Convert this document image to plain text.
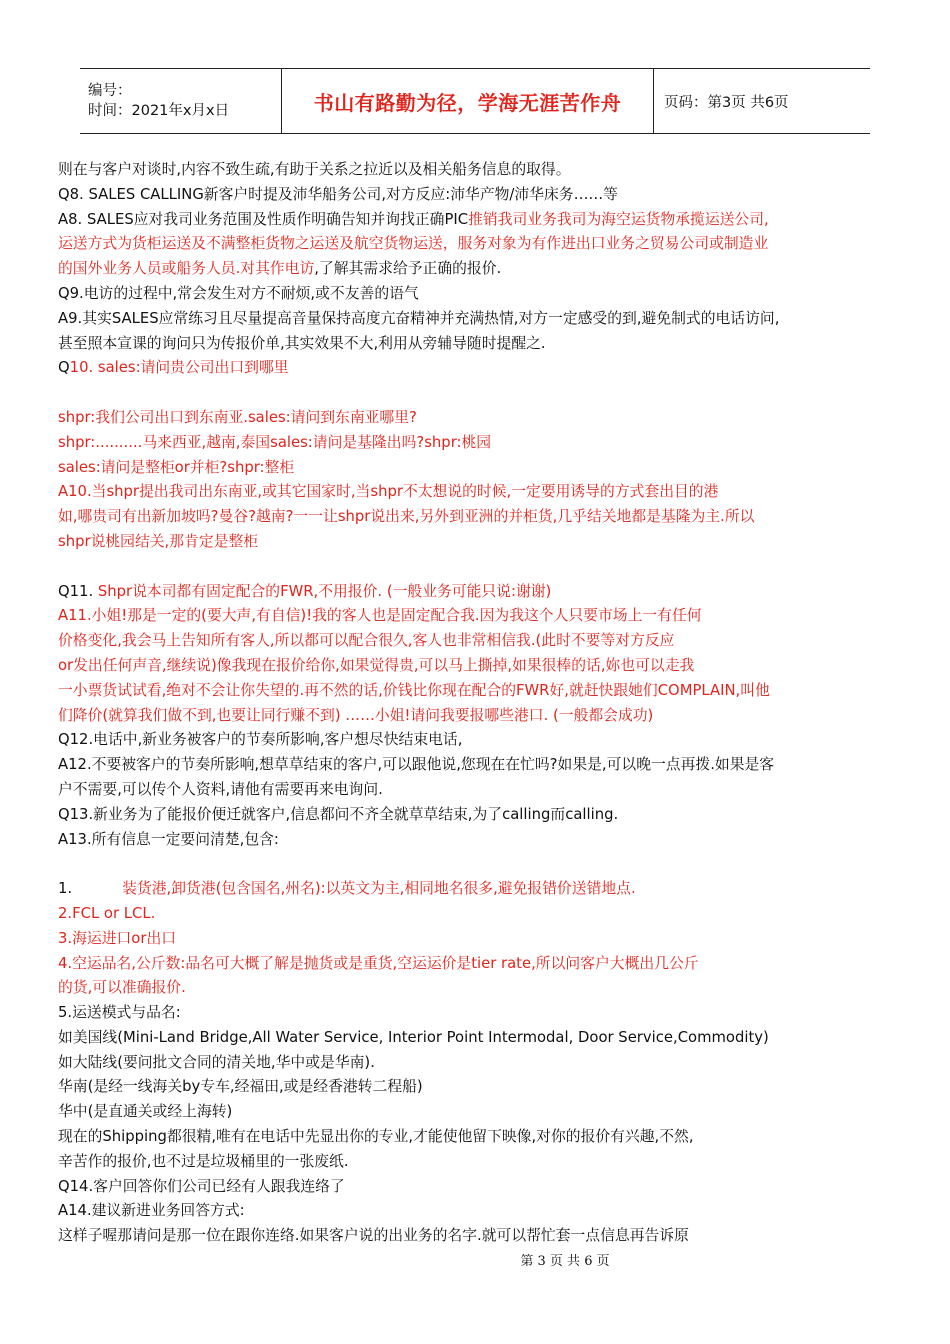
编号：
时间：2021年x月x日	书山有路勤为径，学海无涯苦作舟	页码：第3页 共6页
则在与客户对谈时,内容不致生疏,有助于关系之拉近以及相关船务信息的取得。
Q8. SALES CALLING新客户时提及沛华船务公司,对方反应:沛华产物/沛华床务……等
A8. SALES应对我司业务范围及性质作明确告知并询找正确PIC推销我司业务我司为海空运货物承揽运送公司,
运送方式为货柜运送及不满整柜货物之运送及航空货物运送，服务对象为有作进出口业务之贸易公司或制造业
的国外业务人员或船务人员.对其作电访,了解其需求给予正确的报价.
Q9.电访的过程中,常会发生对方不耐烦,或不友善的语气
A9.其实SALES应常练习且尽量提高音量保持高度亢奋精神并充满热情,对方一定感受的到,避免制式的电话访问,
甚至照本宣课的询问只为传报价单,其实效果不大,利用从旁辅导随时提醒之.
Q10. sales:请问贵公司出口到哪里
shpr:我们公司出口到东南亚.sales:请问到东南亚哪里?
shpr:..........马来西亚,越南,泰国sales:请问是基隆出吗?shpr:桃园
sales:请问是整柜or并柜?shpr:整柜
A10.当shpr提出我司出东南亚,或其它国家时,当shpr不太想说的时候,一定要用诱导的方式套出目的港
如,哪贵司有出新加坡吗?曼谷?越南?一一让shpr说出来,另外到亚洲的并柜货,几乎结关地都是基隆为主.所以
shpr说桃园结关,那肯定是整柜
Q11. Shpr说本司都有固定配合的FWR,不用报价. (一般业务可能只说:谢谢)
A11.小姐!那是一定的(要大声,有自信)!我的客人也是固定配合我.因为我这个人只要市场上一有任何
价格变化,我会马上告知所有客人,所以都可以配合很久,客人也非常相信我.(此时不要等对方反应
or发出任何声音,继续说)像我现在报价给你,如果觉得贵,可以马上撕掉,如果很棒的话,妳也可以走我
一小票货试试看,绝对不会让你失望的.再不然的话,价钱比你现在配合的FWR好,就赶快跟她们COMPLAIN,叫他
们降价(就算我们做不到,也要让同行赚不到) ……小姐!请问我要报哪些港口. (一般都会成功)
Q12.电话中,新业务被客户的节奏所影响,客户想尽快结束电话,
A12.不要被客户的节奏所影响,想草草结束的客户,可以跟他说,您现在在忙吗?如果是,可以晚一点再拨.如果是客
户不需要,可以传个人资料,请他有需要再来电询问.
Q13.新业务为了能报价便迁就客户,信息都问不齐全就草草结束,为了calling而calling.
A13.所有信息一定要问清楚,包含:
1.	装货港,卸货港(包含国名,州名):以英文为主,相同地名很多,避免报错价送错地点.
2.FCL or LCL.
3.海运进口or出口
4.空运品名,公斤数:品名可大概了解是抛货或是重货,空运运价是tier rate,所以问客户大概出几公斤
的货,可以准确报价.
5.运送模式与品名:
如美国线(Mini-Land Bridge,All Water Service, Interior Point Intermodal, Door Service,Commodity)
如大陆线(要问批文合同的清关地,华中或是华南).
华南(是经一线海关by专车,经福田,或是经香港转二程船)
华中(是直通关或经上海转)
现在的Shipping都很精,唯有在电话中先显出你的专业,才能使他留下映像,对你的报价有兴趣,不然,
辛苦作的报价,也不过是垃圾桶里的一张废纸.
Q14.客户回答你们公司已经有人跟我连络了
A14.建议新进业务回答方式:
这样子喔那请问是那一位在跟你连络.如果客户说的出业务的名字.就可以帮忙套一点信息再告诉原
第 3 页 共 6 页
